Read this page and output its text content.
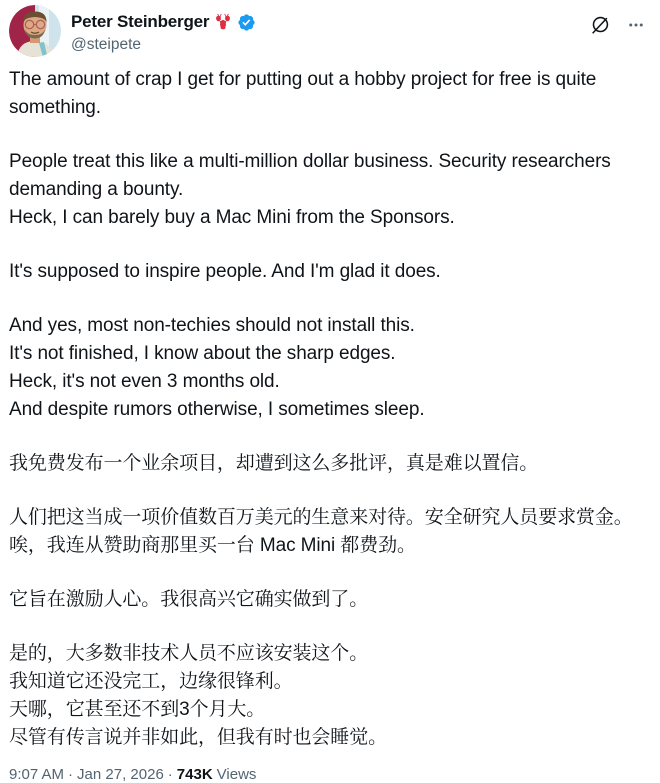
Peter Steinberger
@steipete

The amount of crap I get for putting out a hobby project for free is quite
something.

People treat this like a multi-million dollar business. Security researchers
demanding a bounty.
Heck, I can barely buy a Mac Mini from the Sponsors.

It's supposed to inspire people. And I'm glad it does.

And yes, most non-techies should not install this.
It's not finished, I know about the sharp edges.
Heck, it's not even 3 months old.
And despite rumors otherwise, I sometimes sleep.

我免费发布一个业余项目，却遭到这么多批评，真是难以置信。

人们把这当成一项价值数百万美元的生意来对待。安全研究人员要求赏金。
唉，我连从赞助商那里买一台 Mac Mini 都费劲。

它旨在激励人心。我很高兴它确实做到了。

是的，大多数非技术人员不应该安装这个。
我知道它还没完工，边缘很锋利。
天哪，它甚至还不到3个月大。
尽管有传言说并非如此，但我有时也会睡觉。

9:07 AM · Jan 27, 2026 · 743K Views
